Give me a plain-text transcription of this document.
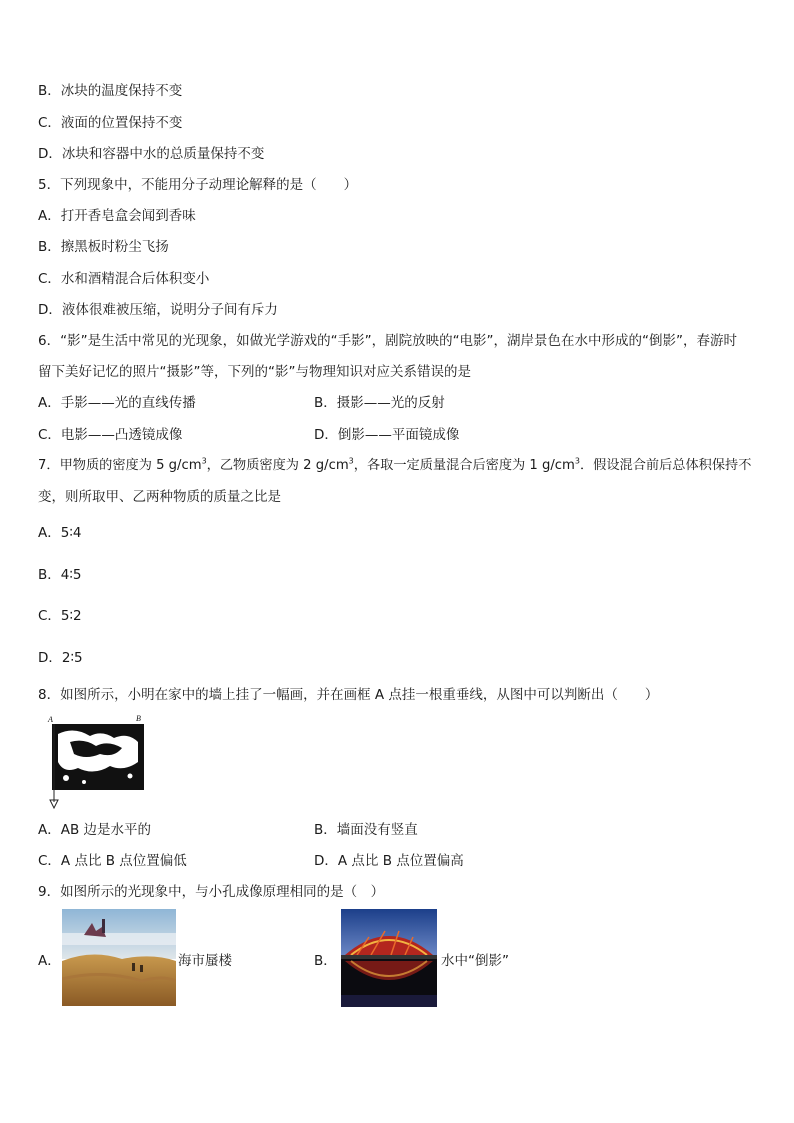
B．冰块的温度保持不变
C．液面的位置保持不变
D．冰块和容器中水的总质量保持不变
5．下列现象中，不能用分子动理论解释的是（　　）
A．打开香皂盒会闻到香味
B．擦黑板时粉尘飞扬
C．水和酒精混合后体积变小
D．液体很难被压缩，说明分子间有斥力
6．“影”是生活中常见的光现象，如做光学游戏的“手影”，剧院放映的“电影”，湖岸景色在水中形成的“倒影”，春游时
留下美好记忆的照片“摄影”等，下列的“影”与物理知识对应关系错误的是
A．手影——光的直线传播	B．摄影——光的反射
C．电影——凸透镜成像	D．倒影——平面镜成像
7．甲物质的密度为 5 $g/cm^3$，乙物质密度为 2 $g/cm^3$，各取一定质量混合后密度为 1 $g/cm^3$．假设混合前后总体积保持不
变，则所取甲、乙两种物质的质量之比是
A．5∶4
B．4∶5
C．5∶2
D．2∶5
8．如图所示，小明在家中的墙上挂了一幅画，并在画框 A 点挂一根重垂线，从图中可以判断出（　　）
A	B
A．AB 边是水平的	B．墙面没有竖直
C．A 点比 B 点位置偏低	D．A 点比 B 点位置偏高
9．如图所示的光现象中，与小孔成像原理相同的是（　）
A．	海市蜃楼	B．	水中“倒影”
